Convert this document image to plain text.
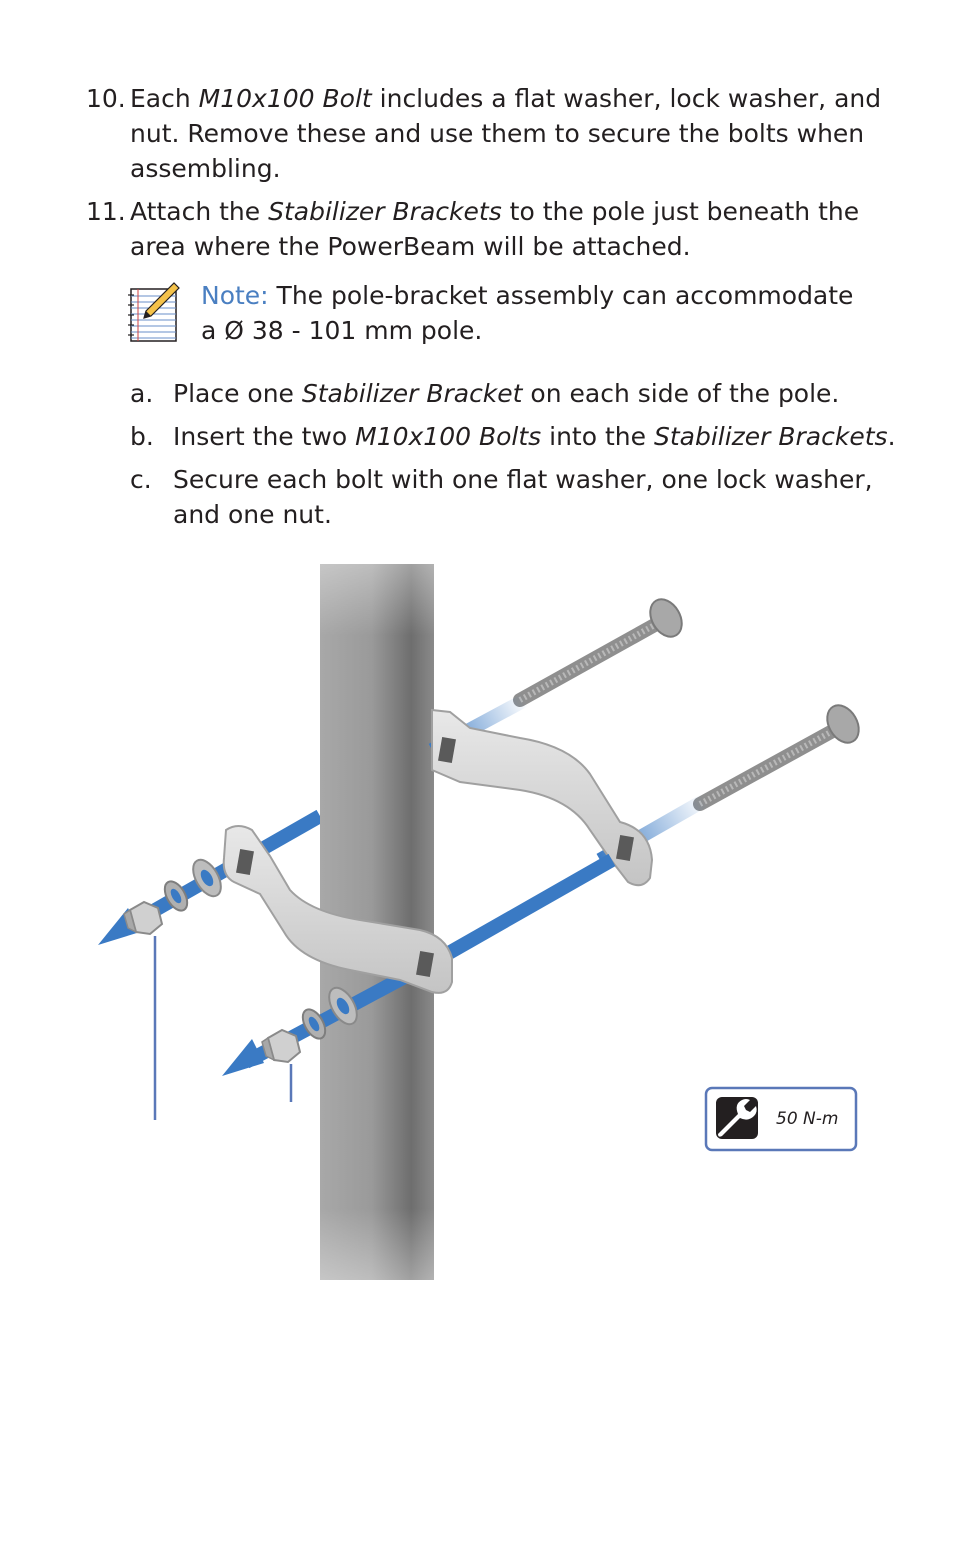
10. Each M10x100 Bolt includes a flat washer, lock washer, and
nut. Remove these and use them to secure the bolts when
assembling.
11. Attach the Stabilizer Brackets to the pole just beneath the
area where the PowerBeam will be attached.
Note: The pole-bracket assembly can accommodate
a Ø 38 - 101 mm pole.
a. Place one Stabilizer Bracket on each side of the pole.
b. Insert the two M10x100 Bolts into the Stabilizer Brackets.
c. Secure each bolt with one flat washer, one lock washer,
and one nut.
50 N-m
